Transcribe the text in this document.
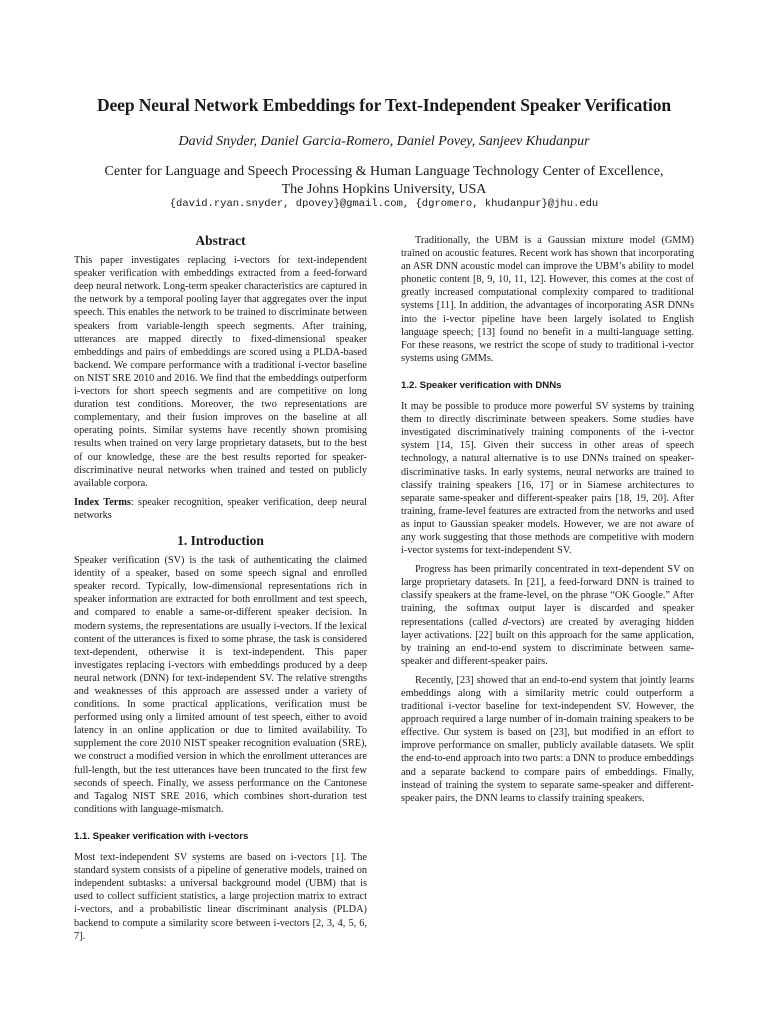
Deep Neural Network Embeddings for Text-Independent Speaker Verification
David Snyder, Daniel Garcia-Romero, Daniel Povey, Sanjeev Khudanpur
Center for Language and Speech Processing & Human Language Technology Center of Excellence,
The Johns Hopkins University, USA
{david.ryan.snyder, dpovey}@gmail.com, {dgromero, khudanpur}@jhu.edu
Abstract

This paper investigates replacing i-vectors for text-independent speaker verification with embeddings extracted from a feed-forward deep neural network. Long-term speaker characteristics are captured in the network by a temporal pooling layer that aggregates over the input speech. This enables the network to be trained to discriminate between speakers from variable-length speech segments. After training, utterances are mapped directly to fixed-dimensional speaker embeddings and pairs of embeddings are scored using a PLDA-based backend. We compare performance with a traditional i-vector baseline on NIST SRE 2010 and 2016. We find that the embeddings outperform i-vectors for short speech segments and are competitive on long duration test conditions. Moreover, the two representations are complementary, and their fusion improves on the baseline at all operating points. Similar systems have recently shown promising results when trained on very large proprietary datasets, but to the best of our knowledge, these are the best results reported for speaker-discriminative neural networks when trained and tested on publicly available corpora.

Index Terms: speaker recognition, speaker verification, deep neural networks

1. Introduction

Speaker verification (SV) is the task of authenticating the claimed identity of a speaker, based on some speech signal and enrolled speaker record. Typically, low-dimensional representations rich in speaker information are extracted for both enrollment and test speech, and compared to enable a same-or-different speaker decision. In modern systems, the representations are usually i-vectors. If the lexical content of the utterances is fixed to some phrase, the task is considered text-dependent, otherwise it is text-independent. This paper investigates replacing i-vectors with embeddings produced by a deep neural network (DNN) for text-independent SV. The relative strengths and weaknesses of this approach are assessed under a variety of conditions. In some practical applications, verification must be performed using only a limited amount of test speech, either to avoid latency in an online application or due to limited availability. To supplement the core 2010 NIST speaker recognition evaluation (SRE), we construct a modified version in which the enrollment utterances are full-length, but the test utterances have been truncated to the first few seconds of speech. Finally, we assess performance on the Cantonese and Tagalog NIST SRE 2016, which combines short-duration test conditions with language-mismatch.

1.1. Speaker verification with i-vectors

Most text-independent SV systems are based on i-vectors [1]. The standard system consists of a pipeline of generative models, trained on independent subtasks: a universal background model (UBM) that is used to collect sufficient statistics, a large projection matrix to extract i-vectors, and a probabilistic linear discriminant analysis (PLDA) backend to compute a similarity score between i-vectors [2, 3, 4, 5, 6, 7].

Traditionally, the UBM is a Gaussian mixture model (GMM) trained on acoustic features. Recent work has shown that incorporating an ASR DNN acoustic model can improve the UBM’s ability to model phonetic content [8, 9, 10, 11, 12]. However, this comes at the cost of greatly increased computational complexity compared to traditional systems [11]. In addition, the advantages of incorporating ASR DNNs into the i-vector pipeline have been largely isolated to English language speech; [13] found no benefit in a multi-language setting. For these reasons, we restrict the scope of study to traditional i-vector systems using GMMs.

1.2. Speaker verification with DNNs

It may be possible to produce more powerful SV systems by training them to directly discriminate between speakers. Some studies have investigated discriminatively training components of the i-vector system [14, 15]. Given their success in other areas of speech technology, a natural alternative is to use DNNs trained on speaker-discriminative tasks. In early systems, neural networks are trained to classify training speakers [16, 17] or in Siamese architectures to separate same-speaker and different-speaker pairs [18, 19, 20]. After training, frame-level features are extracted from the networks and used as input to Gaussian speaker models. However, we are not aware of any work suggesting that those methods are competitive with modern i-vector systems for text-independent SV.

Progress has been primarily concentrated in text-dependent SV on large proprietary datasets. In [21], a feed-forward DNN is trained to classify speakers at the frame-level, on the phrase “OK Google.” After training, the softmax output layer is discarded and speaker representations (called d-vectors) are created by averaging hidden layer activations. [22] built on this approach for the same application, by training an end-to-end system to discriminate between same-speaker and different-speaker pairs.

Recently, [23] showed that an end-to-end system that jointly learns embeddings along with a similarity metric could outperform a traditional i-vector baseline for text-independent SV. However, the approach required a large number of in-domain training speakers to be effective. Our system is based on [23], but modified in an effort to improve performance on smaller, publicly available datasets. We split the end-to-end approach into two parts: a DNN to produce embeddings and a separate backend to compare pairs of embeddings. Finally, instead of training the system to separate same-speaker and different-speaker pairs, the DNN learns to classify training speakers.
